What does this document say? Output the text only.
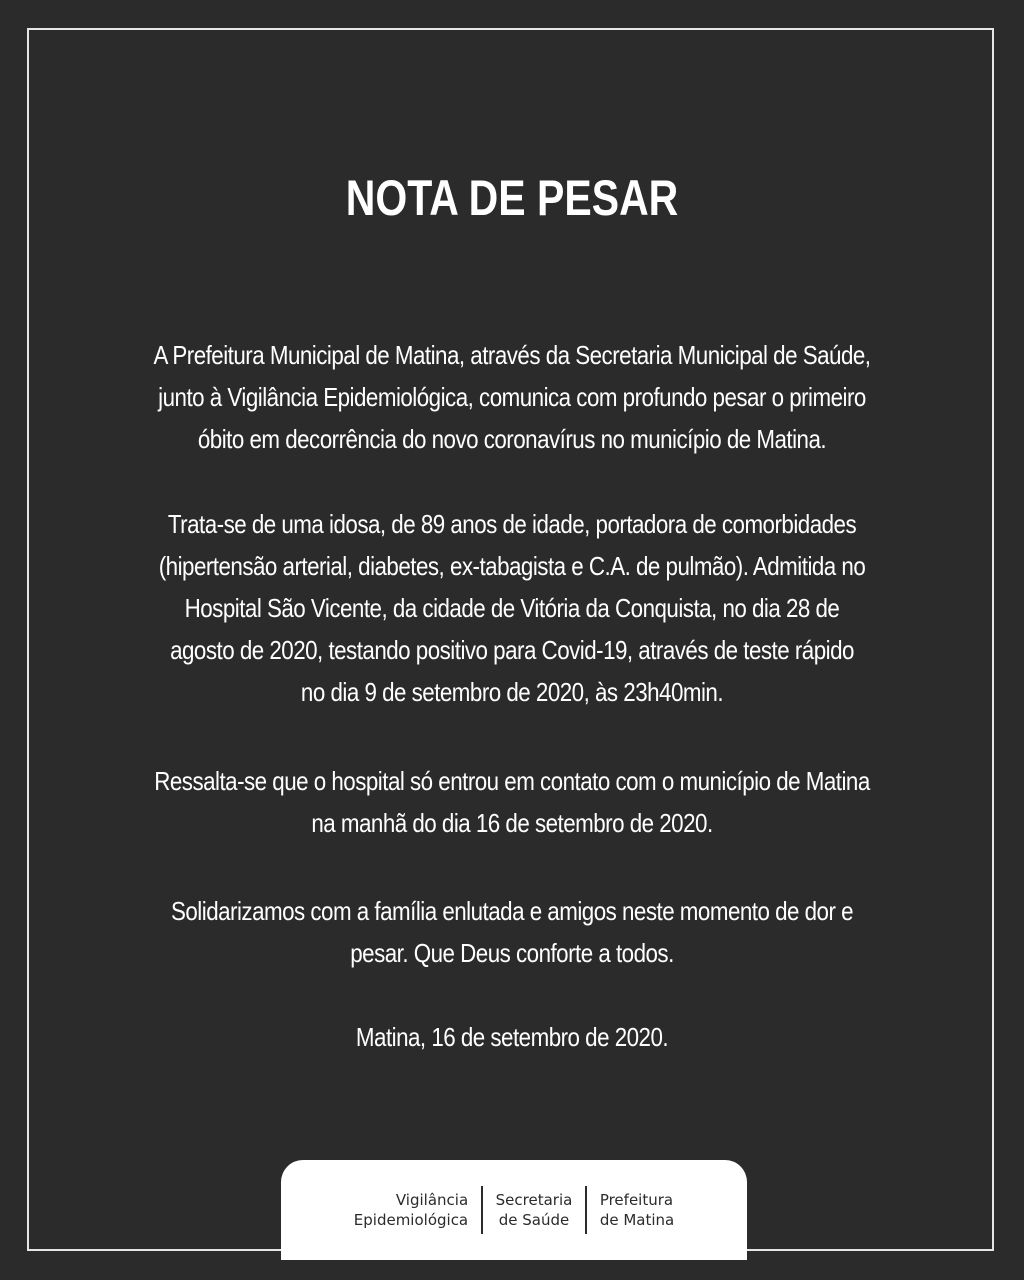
NOTA DE PESAR

A Prefeitura Municipal de Matina, através da Secretaria Municipal de Saúde,
junto à Vigilância Epidemiológica, comunica com profundo pesar o primeiro
óbito em decorrência do novo coronavírus no município de Matina.

Trata-se de uma idosa, de 89 anos de idade, portadora de comorbidades
(hipertensão arterial, diabetes, ex-tabagista e C.A. de pulmão). Admitida no
Hospital São Vicente, da cidade de Vitória da Conquista, no dia 28 de
agosto de 2020, testando positivo para Covid-19, através de teste rápido
no dia 9 de setembro de 2020, às 23h40min.

Ressalta-se que o hospital só entrou em contato com o município de Matina
na manhã do dia 16 de setembro de 2020.

Solidarizamos com a família enlutada e amigos neste momento de dor e
pesar. Que Deus conforte a todos.

Matina, 16 de setembro de 2020.

Vigilância
Epidemiológica
Secretaria
de Saúde
Prefeitura
de Matina
